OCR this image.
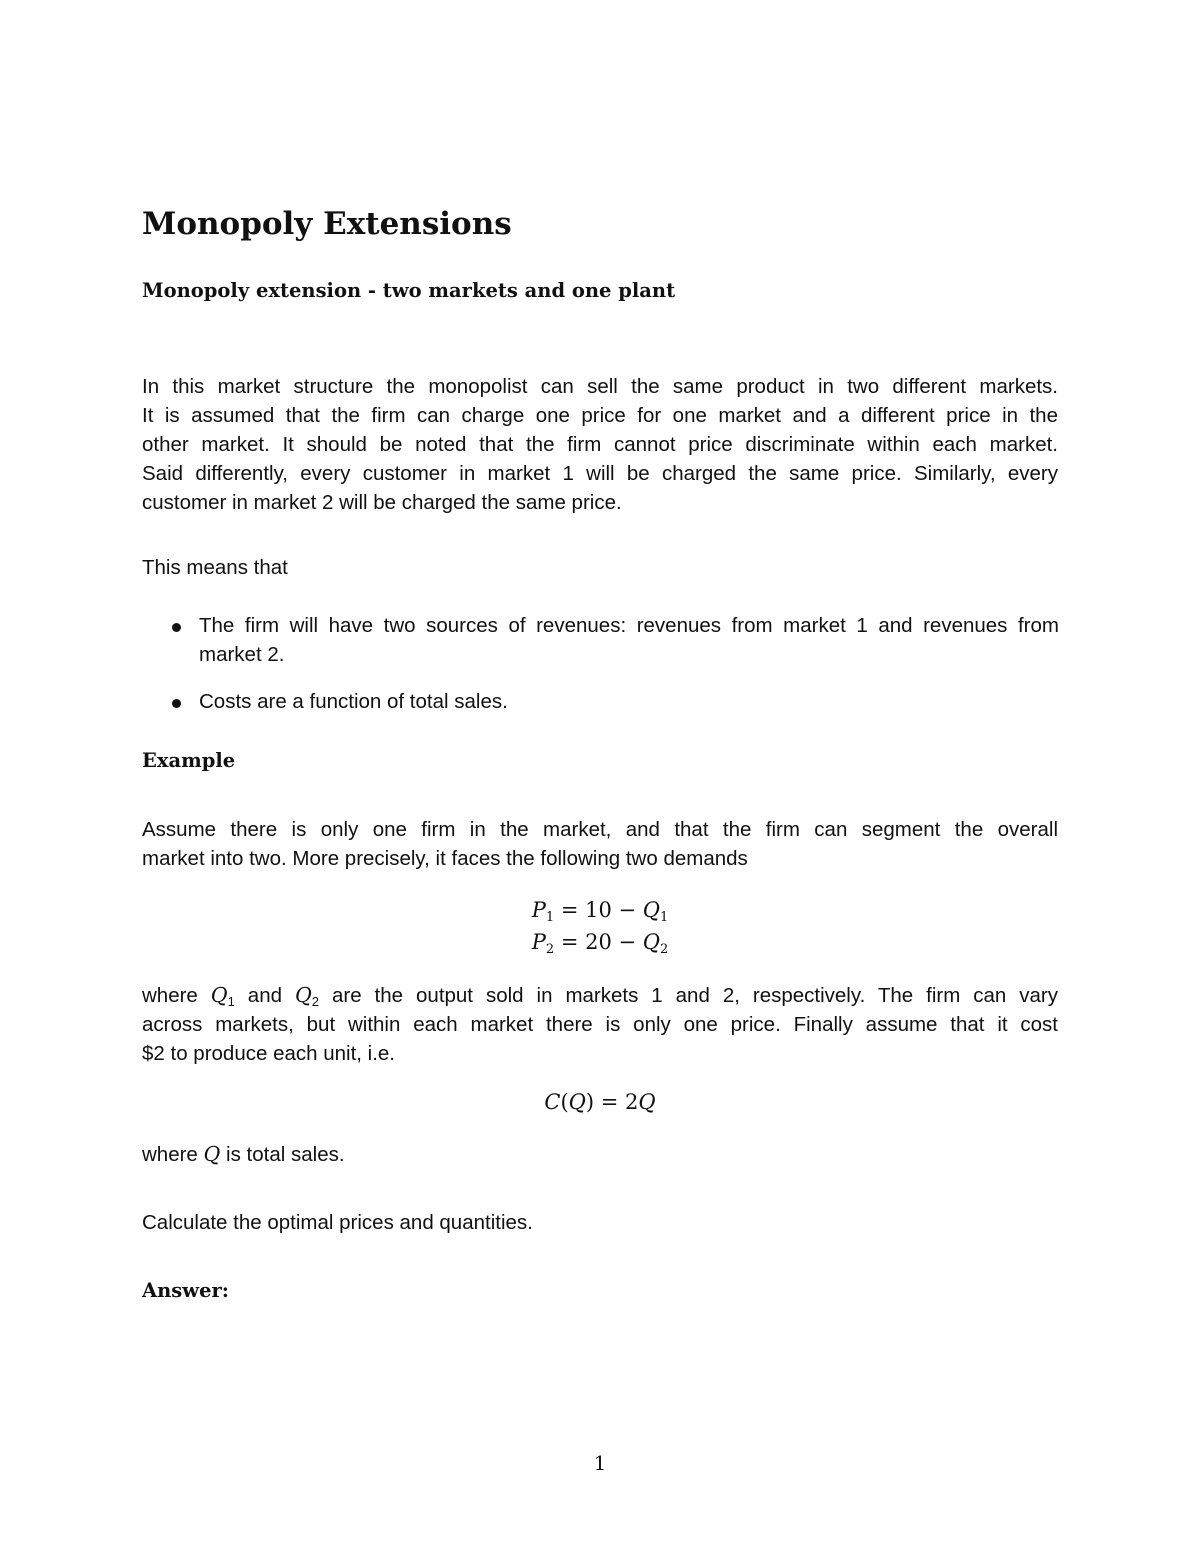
Monopoly Extensions
Monopoly extension - two markets and one plant
In this market structure the monopolist can sell the same product in two different markets.
It is assumed that the firm can charge one price for one market and a different price in the
other market. It should be noted that the firm cannot price discriminate within each market.
Said differently, every customer in market 1 will be charged the same price. Similarly, every
customer in market 2 will be charged the same price.
This means that
The firm will have two sources of revenues: revenues from market 1 and revenues from
market 2.
Costs are a function of total sales.
Example
Assume there is only one firm in the market, and that the firm can segment the overall
market into two. More precisely, it faces the following two demands
$P_1 = 10 - Q_1$
$P_2 = 20 - Q_2$
where $Q_1$ and $Q_2$ are the output sold in markets 1 and 2, respectively. The firm can vary
across markets, but within each market there is only one price. Finally assume that it cost
$2 to produce each unit, i.e.
C(Q) = 2Q
where Q is total sales.
Calculate the optimal prices and quantities.
Answer:
1
